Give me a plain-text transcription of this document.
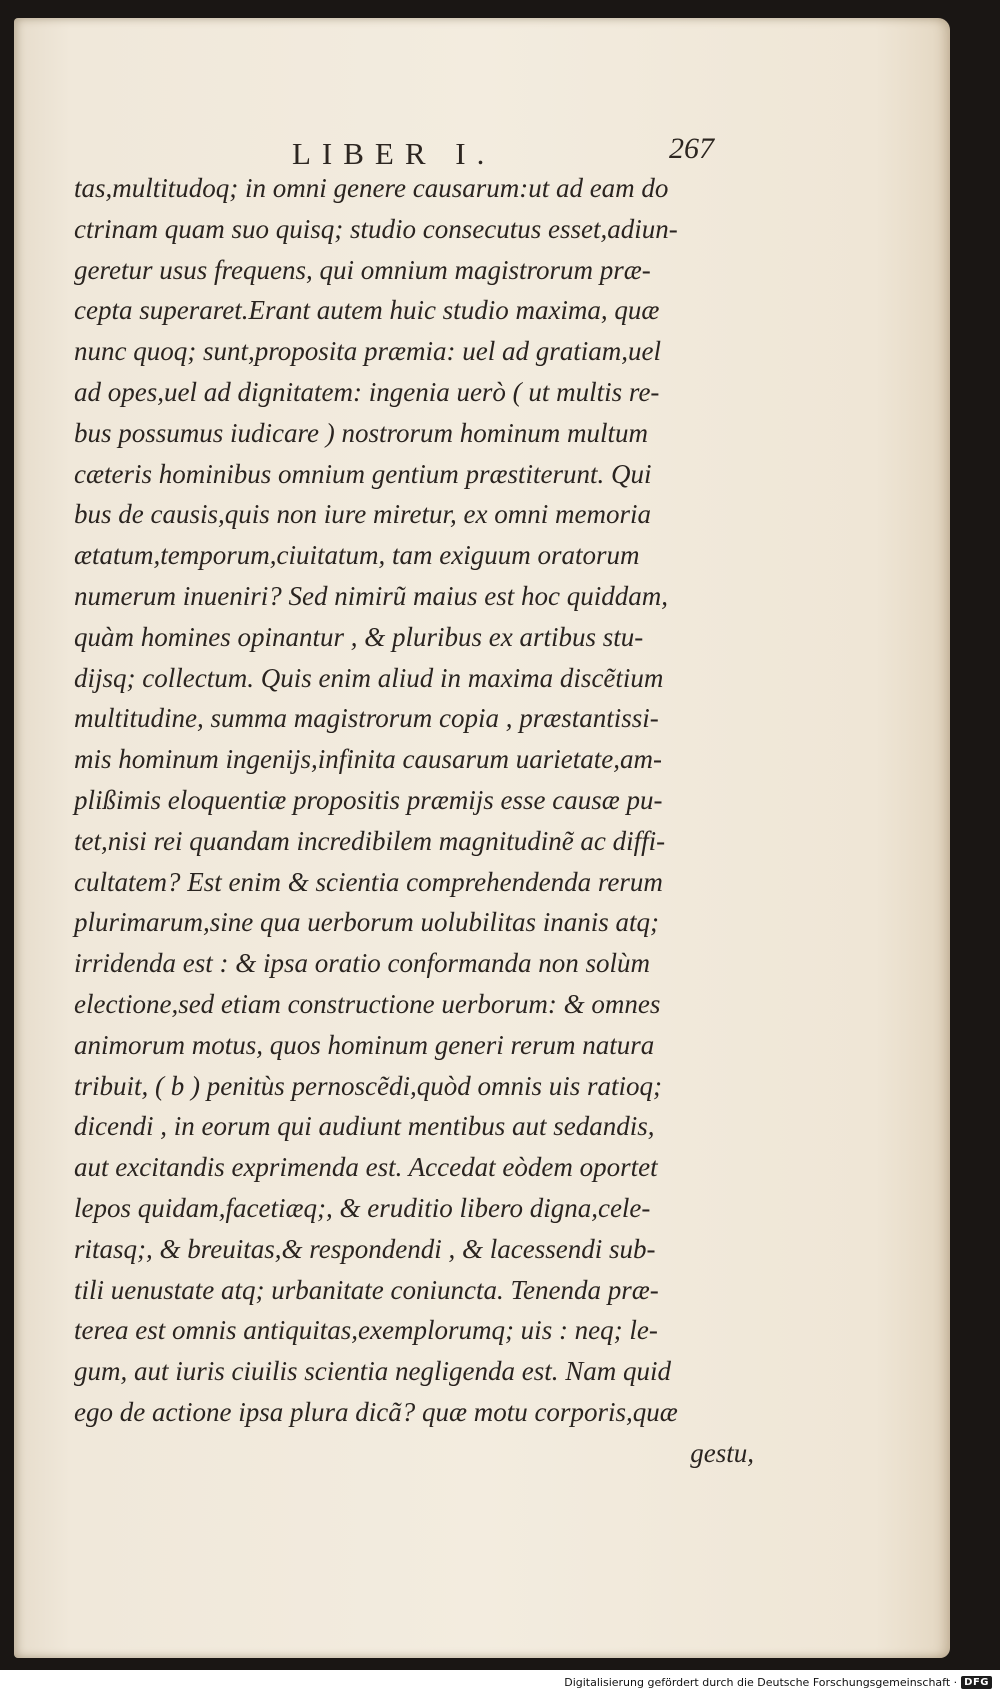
LIBER I.	267
tas,multitudoq; in omni genere causarum:ut ad eam do
ctrinam quam suo quisq; studio consecutus esset,adiun-
geretur usus frequens, qui omnium magistrorum præ-
cepta superaret.Erant autem huic studio maxima, quæ
nunc quoq; sunt,proposita præmia: uel ad gratiam,uel
ad opes,uel ad dignitatem: ingenia uerò ( ut multis re-
bus possumus iudicare ) nostrorum hominum multum
cæteris hominibus omnium gentium præstiterunt. Qui
bus de causis,quis non iure miretur, ex omni memoria
ætatum,temporum,ciuitatum, tam exiguum oratorum
numerum inueniri? Sed nimirũ maius est hoc quiddam,
quàm homines opinantur , & pluribus ex artibus stu-
dijsq; collectum. Quis enim aliud in maxima discẽtium
multitudine, summa magistrorum copia , præstantissi-
mis hominum ingenijs,infinita causarum uarietate,am-
plißimis eloquentiæ propositis præmijs esse causæ pu-
tet,nisi rei quandam incredibilem magnitudinẽ ac diffi-
cultatem? Est enim & scientia comprehendenda rerum
plurimarum,sine qua uerborum uolubilitas inanis atq;
irridenda est : & ipsa oratio conformanda non solùm
electione,sed etiam constructione uerborum: & omnes
animorum motus, quos hominum generi rerum natura
tribuit, ( b ) penitùs pernoscẽdi,quòd omnis uis ratioq;
dicendi , in eorum qui audiunt mentibus aut sedandis,
aut excitandis exprimenda est. Accedat eòdem oportet
lepos quidam,facetiæq;, & eruditio libero digna,cele-
ritasq;, & breuitas,& respondendi , & lacessendi sub-
tili uenustate atq; urbanitate coniuncta. Tenenda præ-
terea est omnis antiquitas,exemplorumq; uis : neq; le-
gum, aut iuris ciuilis scientia negligenda est. Nam quid
ego de actione ipsa plura dicã? quæ motu corporis,quæ
gestu,
Digitalisierung gefördert durch die Deutsche Forschungsgemeinschaft · DFG
